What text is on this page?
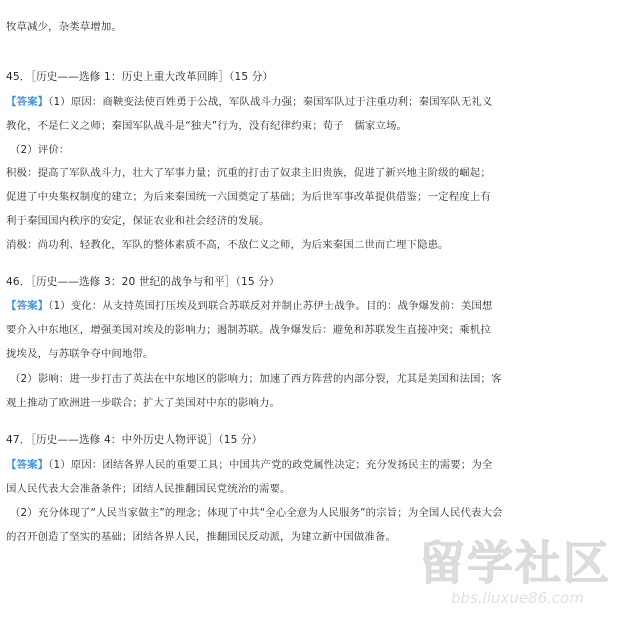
牧草减少，杂类草增加。
45．［历史——选修 1：历史上重大改革回眸］（15 分）
【答案】（1）原因：商鞅变法使百姓勇于公战，军队战斗力强；秦国军队过于注重功利；秦国军队无礼义
教化，不是仁义之师；秦国军队战斗是“独夫”行为，没有纪律约束；荀子　儒家立场。
（2）评价：
积极：提高了军队战斗力，壮大了军事力量；沉重的打击了奴隶主旧贵族，促进了新兴地主阶级的崛起；
促进了中央集权制度的建立；为后来秦国统一六国奠定了基础；为后世军事改革提供借鉴；一定程度上有
利于秦国国内秩序的安定，保证农业和社会经济的发展。
消极：尚功利、轻教化，军队的整体素质不高，不敌仁义之师，为后来秦国二世而亡埋下隐患。
46．［历史——选修 3：20 世纪的战争与和平］（15 分）
【答案】（1）变化：从支持英国打压埃及到联合苏联反对并制止苏伊士战争。目的：战争爆发前：美国想
要介入中东地区，增强美国对埃及的影响力；遏制苏联。战争爆发后：避免和苏联发生直接冲突；乘机拉
拢埃及，与苏联争夺中间地带。
（2）影响：进一步打击了英法在中东地区的影响力；加速了西方阵营的内部分裂，尤其是美国和法国；客
观上推动了欧洲进一步联合；扩大了美国对中东的影响力。
47．［历史——选修 4：中外历史人物评说］（15 分）
【答案】（1）原因：团结各界人民的重要工具；中国共产党的政党属性决定；充分发扬民主的需要；为全
国人民代表大会准备条件；团结人民推翻国民党统治的需要。
（2）充分体现了“人民当家做主”的理念；体现了中共“全心全意为人民服务”的宗旨；为全国人民代表大会
的召开创造了坚实的基础；团结各界人民，推翻国民反动派，为建立新中国做准备。 留学社区
bbs.liuxue86.com
